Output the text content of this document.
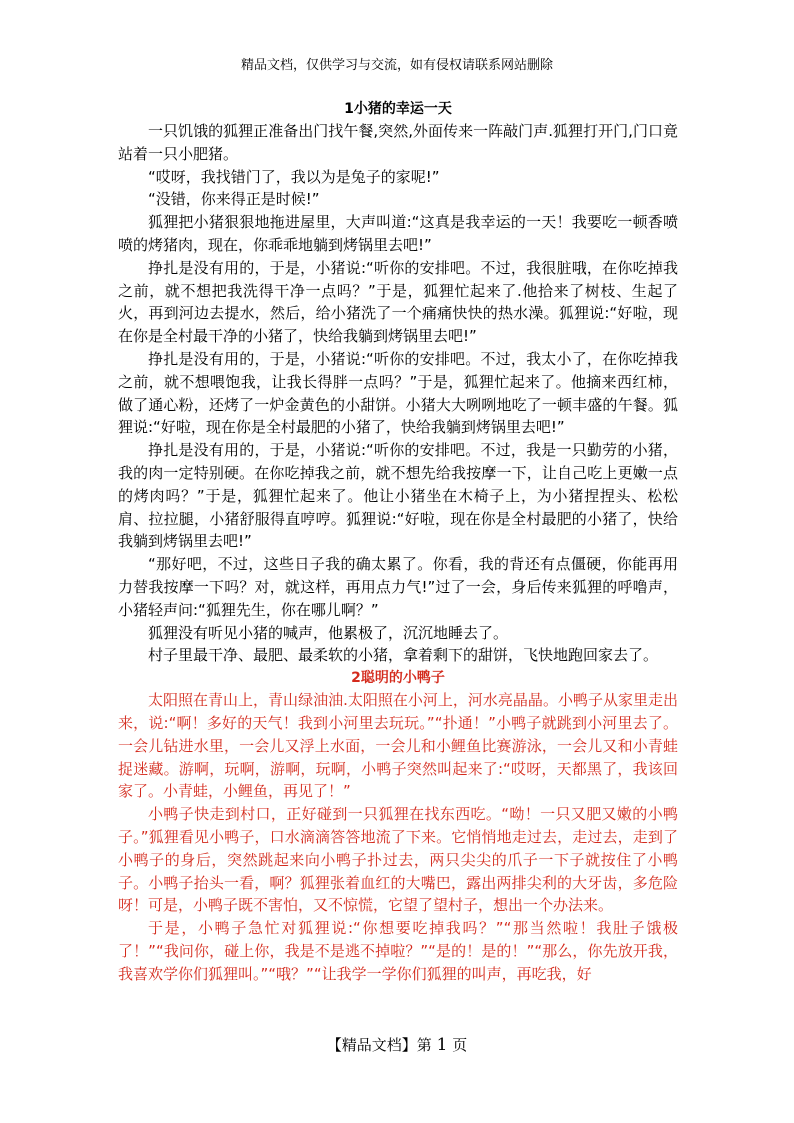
精品文档，仅供学习与交流，如有侵权请联系网站删除
1小猪的幸运一天

一只饥饿的狐狸正准备出门找午餐,突然,外面传来一阵敲门声.狐狸打开门,门口竟站着一只小肥猪。

“哎呀，我找错门了，我以为是兔子的家呢!”

“没错，你来得正是时候!”

狐狸把小猪狠狠地拖进屋里，大声叫道:“这真是我幸运的一天！我要吃一顿香喷喷的烤猪肉，现在，你乖乖地躺到烤锅里去吧!”

挣扎是没有用的，于是，小猪说:“听你的安排吧。不过，我很脏哦，在你吃掉我之前，就不想把我洗得干净一点吗？”于是，狐狸忙起来了.他拾来了树枝、生起了火，再到河边去提水，然后，给小猪洗了一个痛痛快快的热水澡。狐狸说:“好啦，现在你是全村最干净的小猪了，快给我躺到烤锅里去吧!”

挣扎是没有用的，于是，小猪说:“听你的安排吧。不过，我太小了，在你吃掉我之前，就不想喂饱我，让我长得胖一点吗？”于是，狐狸忙起来了。他摘来西红柿，做了通心粉，还烤了一炉金黄色的小甜饼。小猪大大咧咧地吃了一顿丰盛的午餐。狐狸说:“好啦，现在你是全村最肥的小猪了，快给我躺到烤锅里去吧!”

挣扎是没有用的，于是，小猪说:“听你的安排吧。不过，我是一只勤劳的小猪，我的肉一定特别硬。在你吃掉我之前，就不想先给我按摩一下，让自己吃上更嫩一点的烤肉吗？”于是，狐狸忙起来了。他让小猪坐在木椅子上，为小猪捏捏头、松松肩、拉拉腿，小猪舒服得直哼哼。狐狸说:“好啦，现在你是全村最肥的小猪了，快给我躺到烤锅里去吧!”

“那好吧，不过，这些日子我的确太累了。你看，我的背还有点僵硬，你能再用力替我按摩一下吗？对，就这样，再用点力气!”过了一会，身后传来狐狸的呼噜声，小猪轻声问:“狐狸先生，你在哪儿啊？”

狐狸没有听见小猪的喊声，他累极了，沉沉地睡去了。

村子里最干净、最肥、最柔软的小猪，拿着剩下的甜饼，飞快地跑回家去了。

2聪明的小鸭子

太阳照在青山上，青山绿油油.太阳照在小河上，河水亮晶晶。小鸭子从家里走出来，说:“啊！多好的天气！我到小河里去玩玩。”“扑通！”小鸭子就跳到小河里去了。一会儿钻进水里，一会儿又浮上水面，一会儿和小鲤鱼比赛游泳，一会儿又和小青蛙捉迷藏。游啊，玩啊，游啊，玩啊，小鸭子突然叫起来了:“哎呀，天都黑了，我该回家了。小青蛙，小鲤鱼，再见了！”

小鸭子快走到村口，正好碰到一只狐狸在找东西吃。“呦！一只又肥又嫩的小鸭子。”狐狸看见小鸭子，口水滴滴答答地流了下来。它悄悄地走过去，走过去，走到了小鸭子的身后，突然跳起来向小鸭子扑过去，两只尖尖的爪子一下子就按住了小鸭子。小鸭子抬头一看，啊？狐狸张着血红的大嘴巴，露出两排尖利的大牙齿，多危险呀！可是，小鸭子既不害怕，又不惊慌，它望了望村子，想出一个办法来。

于是，小鸭子急忙对狐狸说:“你想要吃掉我吗？”“那当然啦！我肚子饿极了！”“我问你，碰上你，我是不是逃不掉啦？”“是的！是的！”“那么，你先放开我，我喜欢学你们狐狸叫。”“哦？”“让我学一学你们狐狸的叫声，再吃我，好

【精品文档】第 1 页
